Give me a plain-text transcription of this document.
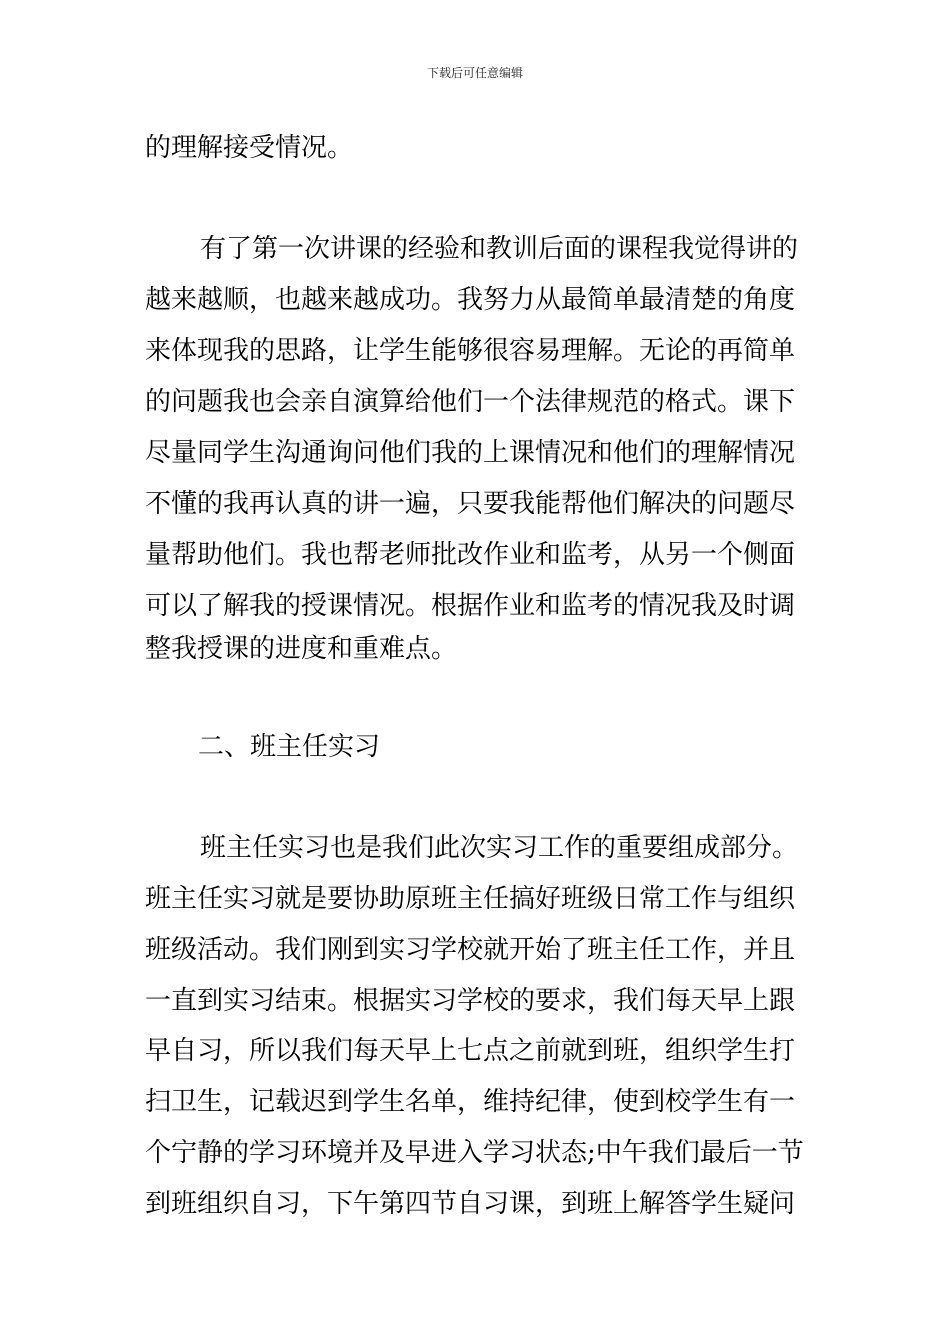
下载后可任意编辑
的理解接受情况。
有了第一次讲课的经验和教训后面的课程我觉得讲的
越来越顺，也越来越成功。我努力从最简单最清楚的角度
来体现我的思路，让学生能够很容易理解。无论的再简单
的问题我也会亲自演算给他们一个法律规范的格式。课下
尽量同学生沟通询问他们我的上课情况和他们的理解情况
不懂的我再认真的讲一遍，只要我能帮他们解决的问题尽
量帮助他们。我也帮老师批改作业和监考，从另一个侧面
可以了解我的授课情况。根据作业和监考的情况我及时调
整我授课的进度和重难点。
二、班主任实习
班主任实习也是我们此次实习工作的重要组成部分。
班主任实习就是要协助原班主任搞好班级日常工作与组织
班级活动。我们刚到实习学校就开始了班主任工作，并且
一直到实习结束。根据实习学校的要求，我们每天早上跟
早自习，所以我们每天早上七点之前就到班，组织学生打
扫卫生，记载迟到学生名单，维持纪律，使到校学生有一
个宁静的学习环境并及早进入学习状态;中午我们最后一节
到班组织自习，下午第四节自习课，到班上解答学生疑问
